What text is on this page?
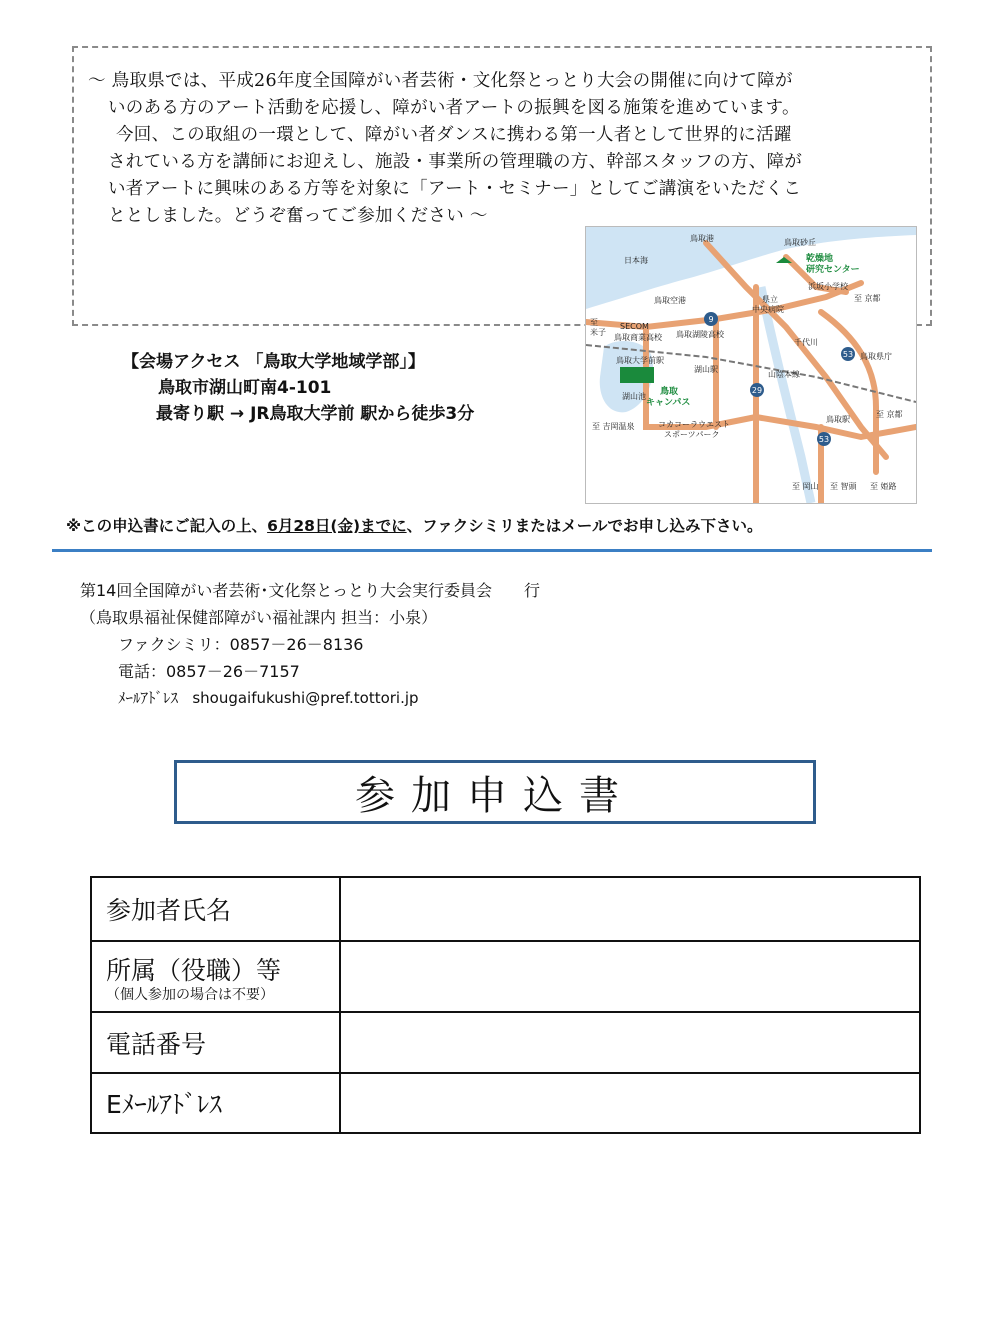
～ 鳥取県では、平成26年度全国障がい者芸術・文化祭とっとり大会の開催に向けて障が

いのある方のアート活動を応援し、障がい者アートの振興を図る施策を進めています。

今回、この取組の一環として、障がい者ダンスに携わる第一人者として世界的に活躍

されている方を講師にお迎えし、施設・事業所の管理職の方、幹部スタッフの方、障が

い者アートに興味のある方等を対象に「アート・セミナー」としてご講演をいただくこ

ととしました。どうぞ奮ってご参加ください ～

9
29
53
53
鳥取港	鳥取砂丘
日本海	乾燥地
研究センター
浜坂小学校
鳥取空港	県立
中央病院
至 京都
至
米子
SECOM
鳥取商業高校 鳥取湖陵高校
鳥取県庁
鳥取大学前駅
湖山駅
湖山池 鳥取
キャンパス
山陰本線
千代川
至 京都
鳥取駅
至 吉岡温泉	コカコーラウエスト
スポーツパーク
至 岡山 至 智頭 至 姫路
【会場アクセス 「鳥取大学地域学部」】
鳥取市湖山町南4-101
最寄り駅 → JR鳥取大学前 駅から徒歩3分
※この申込書にご記入の上、6月28日(金)までに、ファクシミリまたはメールでお申し込み下さい。
第14回全国障がい者芸術･文化祭とっとり大会実行委員会　　行
（鳥取県福祉保健部障がい福祉課内 担当：小泉）
ファクシミリ：0857－26－8136
電話：0857－26－7157
ﾒｰﾙｱﾄﾞﾚｽ shougaifukushi@pref.tottori.jp
参加申込書
参加者氏名	
所属（役職）等
（個人参加の場合は不要）	

電話番号	
Eﾒｰﾙｱﾄﾞﾚｽ	
